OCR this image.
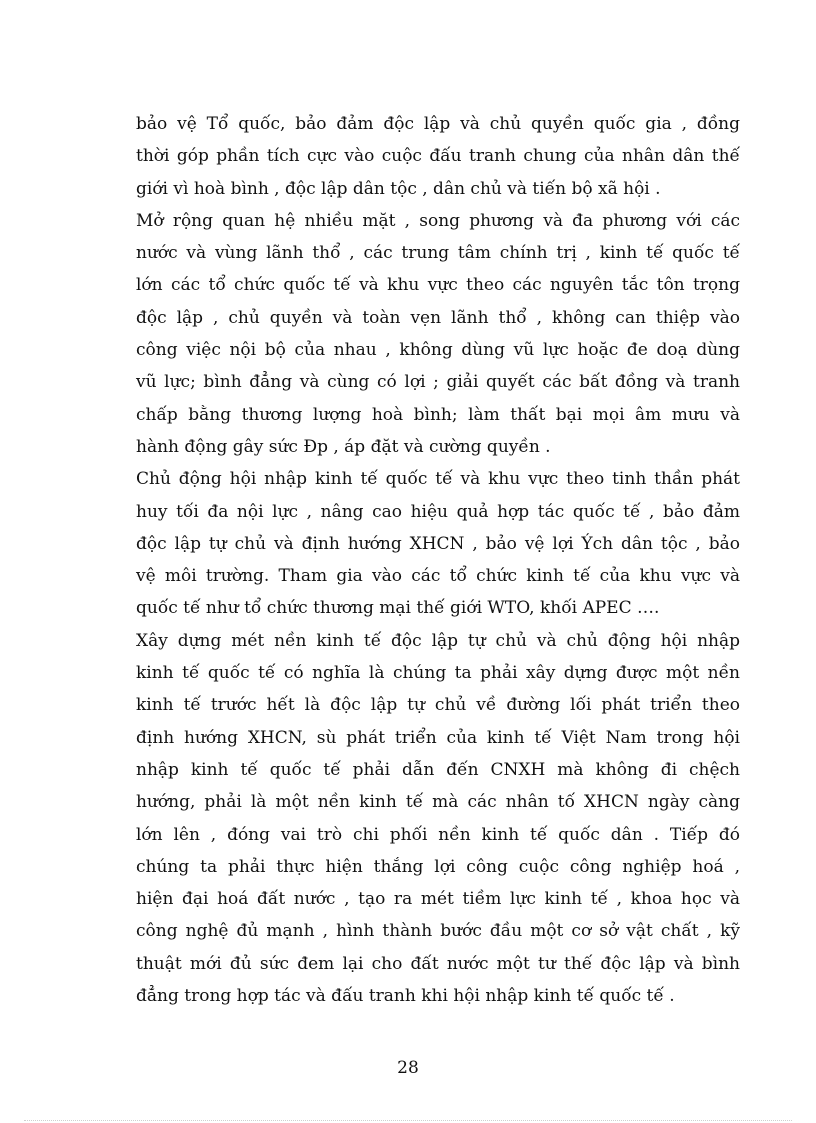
bảo vệ Tổ quốc, bảo đảm độc lập và chủ quyền quốc gia , đồng
thời góp phần tích cực vào cuộc đấu tranh chung của nhân dân thế
giới vì hoà bình , độc lập dân tộc , dân chủ và tiến bộ xã hội .
Mở rộng quan hệ nhiều mặt , song phương và đa phương với các
nước và vùng lãnh thổ , các trung tâm chính trị , kinh tế quốc tế
lớn các tổ chức quốc tế và khu vực theo các nguyên tắc tôn trọng
độc lập , chủ quyền và toàn vẹn lãnh thổ , không can thiệp vào
công việc nội bộ của nhau , không dùng vũ lực hoặc đe doạ dùng
vũ lực; bình đẳng và cùng có lợi ; giải quyết các bất đồng và tranh
chấp bằng thương lượng hoà bình; làm thất bại mọi âm mưu và
hành động gây sức Đp , áp đặt và cường quyền .
Chủ động hội nhập kinh tế quốc tế và khu vực theo tinh thần phát
huy tối đa nội lực , nâng cao hiệu quả hợp tác quốc tế , bảo đảm
độc lập tự chủ và định hướng XHCN , bảo vệ lợi Ých dân tộc , bảo
vệ môi trường. Tham gia vào các tổ chức kinh tế của khu vực và
quốc tế như tổ chức thương mại thế giới WTO, khối APEC ….
Xây dựng mét nền kinh tế độc lập tự chủ và chủ động hội nhập
kinh tế quốc tế có nghĩa là chúng ta phải xây dựng được một nền
kinh tế trước hết là độc lập tự chủ về đường lối phát triển theo
định hướng XHCN, sù phát triển của kinh tế Việt Nam trong hội
nhập kinh tế quốc tế phải dẫn đến CNXH mà không đi chệch
hướng, phải là một nền kinh tế mà các nhân tố XHCN ngày càng
lớn lên , đóng vai trò chi phối nền kinh tế quốc dân . Tiếp đó
chúng ta phải thực hiện thắng lợi công cuộc công nghiệp hoá ,
hiện đại hoá đất nước , tạo ra mét tiềm lực kinh tế , khoa học và
công nghệ đủ mạnh , hình thành bước đầu một cơ sở vật chất , kỹ
thuật mới đủ sức đem lại cho đất nước một tư thế độc lập và bình
đẳng trong hợp tác và đấu tranh khi hội nhập kinh tế quốc tế .
28
